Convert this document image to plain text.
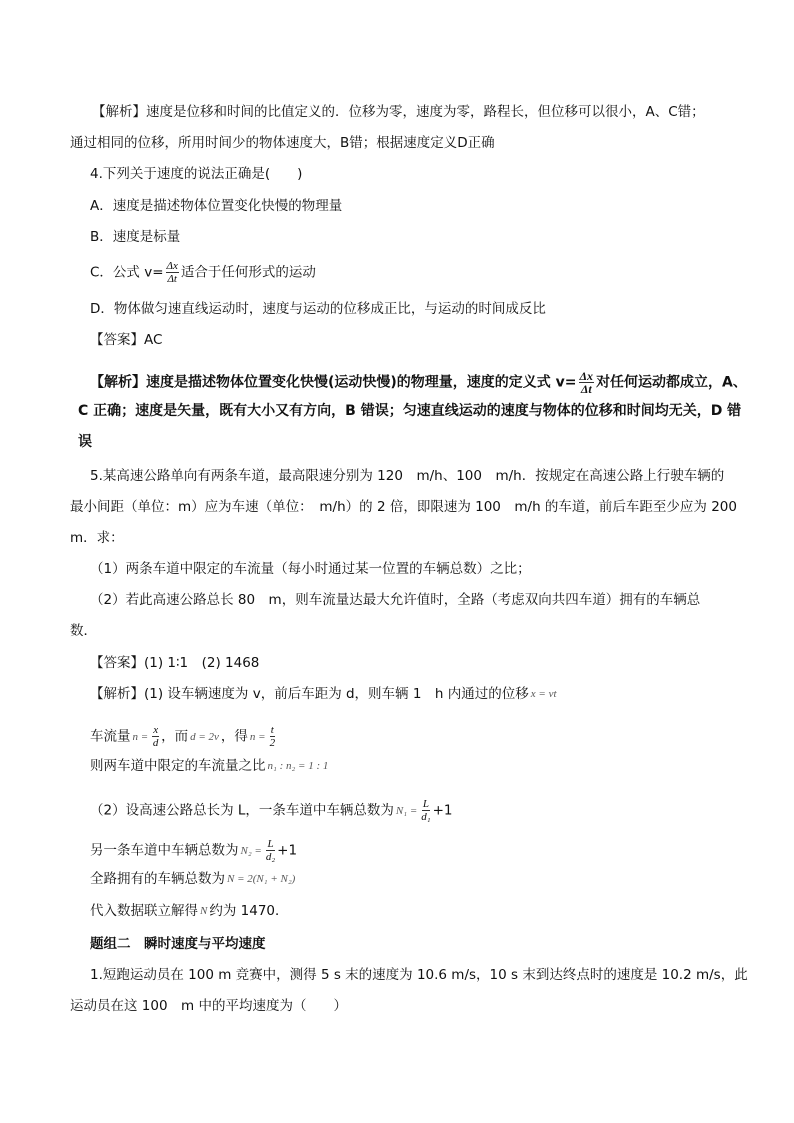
【解析】速度是位移和时间的比值定义的．位移为零，速度为零，路程长，但位移可以很小，A、C错；
通过相同的位移，所用时间少的物体速度大，B错；根据速度定义D正确
4.下列关于速度的说法正确是(　　)
A．速度是描述物体位置变化快慢的物理量
B．速度是标量
C．公式 $v= \frac{\Delta x}{\Delta t}$ 适合于任何形式的运动
D．物体做匀速直线运动时，速度与运动的位移成正比，与运动的时间成反比
【答案】AC
【解析】速度是描述物体位置变化快慢(运动快慢)的物理量，速度的定义式 $v= \frac{\Delta x}{\Delta t}$ 对任何运动都成立，A、
C 正确；速度是矢量，既有大小又有方向，B 错误；匀速直线运动的速度与物体的位移和时间均无关，D 错
误
5.某高速公路单向有两条车道，最高限速分别为 120　m/h、100　m/h．按规定在高速公路上行驶车辆的
最小间距（单位：m）应为车速（单位：　m/h）的 2 倍，即限速为 100　m/h 的车道，前后车距至少应为 200
m．求：
（1）两条车道中限定的车流量（每小时通过某一位置的车辆总数）之比；
（2）若此高速公路总长 80　m，则车流量达最大允许值时，全路（考虑双向共四车道）拥有的车辆总
数．
【答案】(1) 1∶1　(2) 1468
【解析】(1) 设车辆速度为 v，前后车距为 d，则车辆 1　h 内通过的位移 x = vt
车流量 $n = \frac{x}{d}$ ，而 d = 2v ，得 $n = \frac{t}{2}$
则两车道中限定的车流量之比 n₁ : n₂ = 1 : 1
（2）设高速公路总长为 L，一条车道中车辆总数为 $N_1 = \frac{L}{\text{d₁}} +1$
另一条车道中车辆总数为 $N_2 = \frac{L}{\text{d₂}} +1$
全路拥有的车辆总数为 N = 2(N₁ + N₂)
代入数据联立解得 N 约为 1470．
题组二　瞬时速度与平均速度
1.短跑运动员在 100 m 竞赛中，测得 5 s 末的速度为 10.6 m/s，10 s 末到达终点时的速度是 10.2 m/s，此
运动员在这 100　m 中的平均速度为（　　）
